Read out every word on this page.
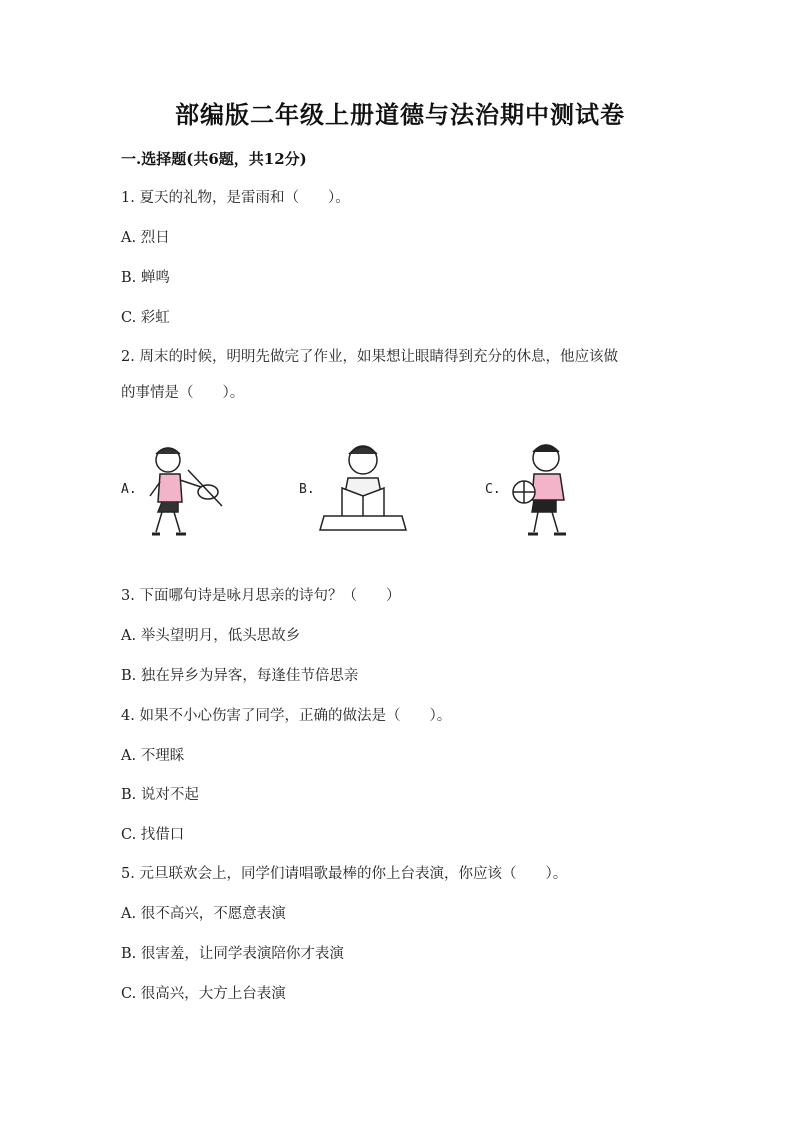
部编版二年级上册道德与法治期中测试卷
一.选择题(共6题，共12分)
1. 夏天的礼物，是雷雨和（　　）。
A. 烈日
B. 蝉鸣
C. 彩虹
2. 周末的时候，明明先做完了作业，如果想让眼睛得到充分的休息，他应该做
的事情是（　　）。
A.	B.	C.
3. 下面哪句诗是咏月思亲的诗句？（　　）
A. 举头望明月，低头思故乡
B. 独在异乡为异客，每逢佳节倍思亲
4. 如果不小心伤害了同学，正确的做法是（　　）。
A. 不理睬
B. 说对不起
C. 找借口
5. 元旦联欢会上，同学们请唱歌最棒的你上台表演，你应该（　　）。
A. 很不高兴，不愿意表演
B. 很害羞，让同学表演陪你才表演
C. 很高兴，大方上台表演
